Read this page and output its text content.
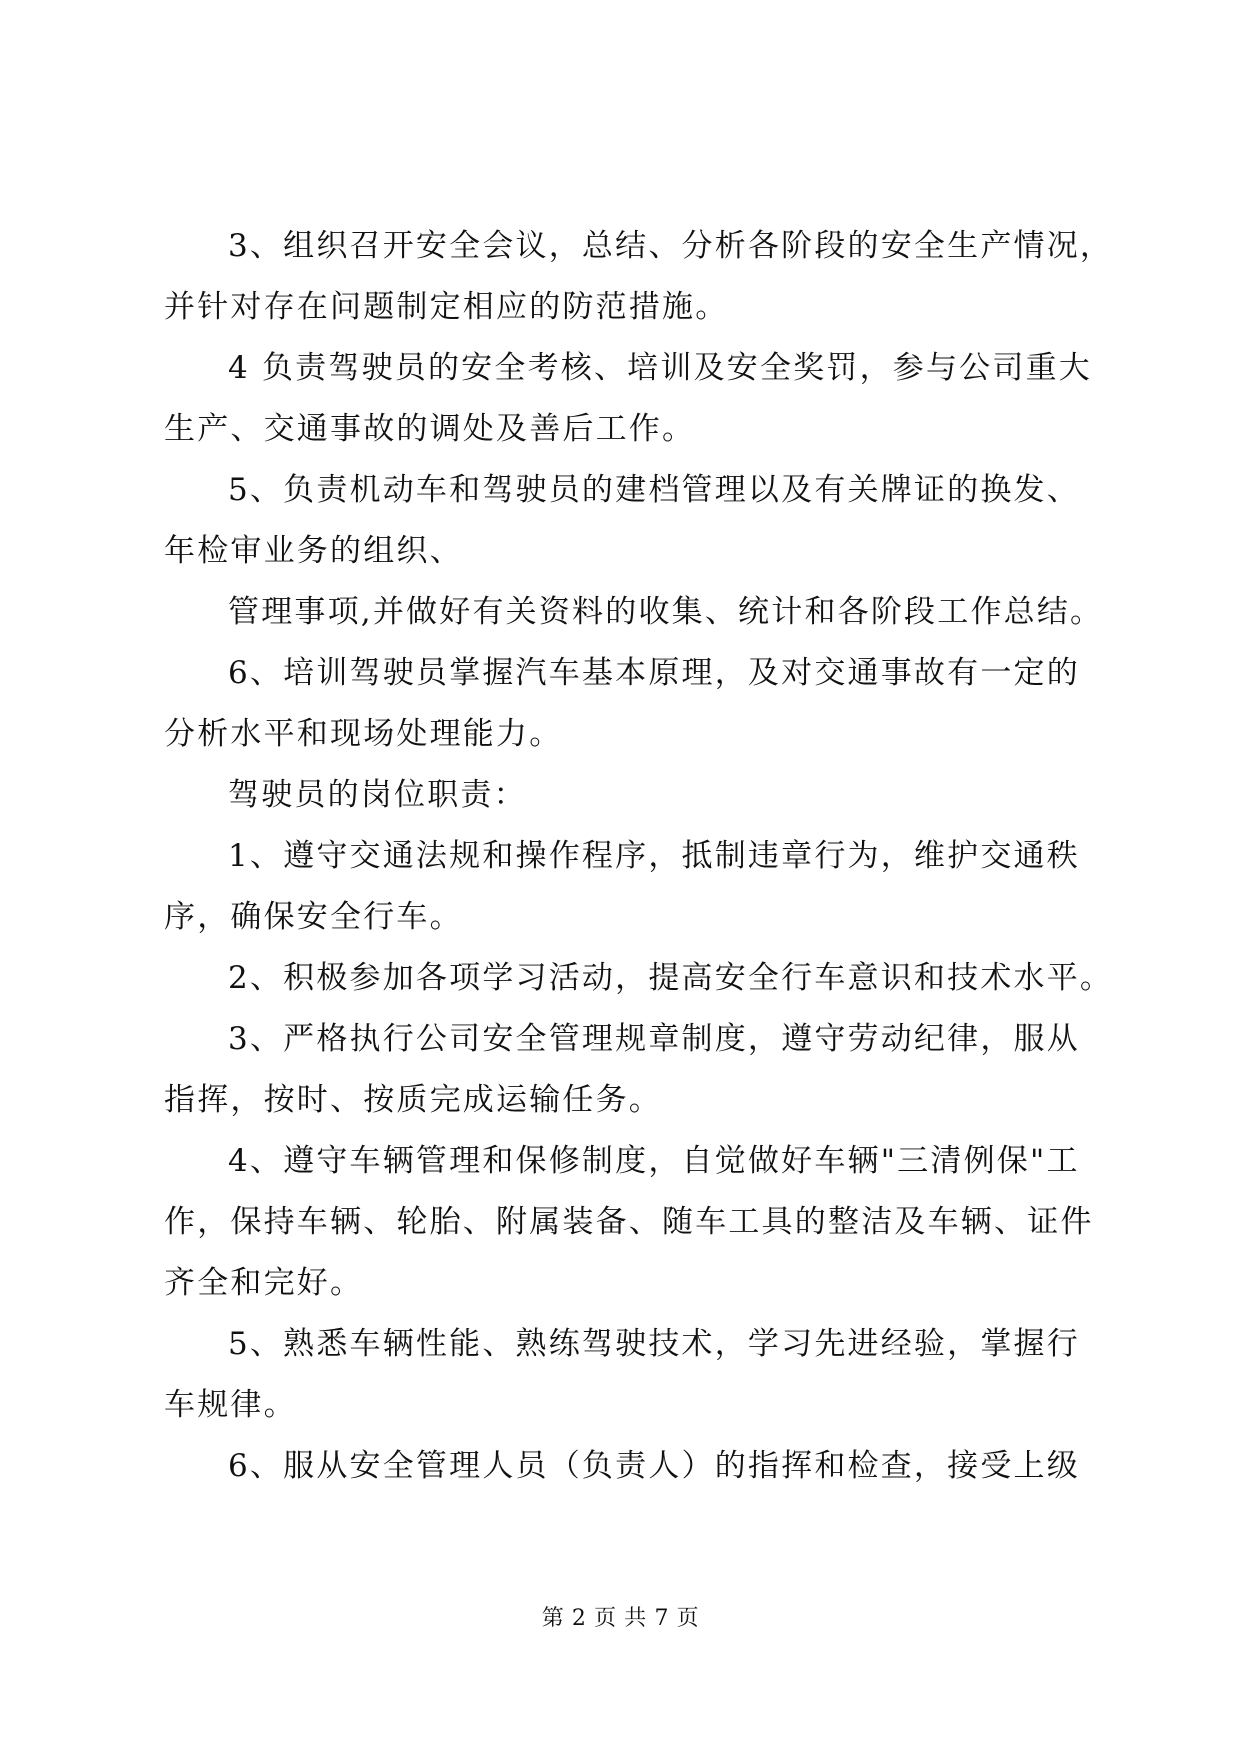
3、组织召开安全会议，总结、分析各阶段的安全生产情况，
并针对存在问题制定相应的防范措施。
4 负责驾驶员的安全考核、培训及安全奖罚，参与公司重大
生产、交通事故的调处及善后工作。
5、负责机动车和驾驶员的建档管理以及有关牌证的换发、
年检审业务的组织、
管理事项,并做好有关资料的收集、统计和各阶段工作总结。
6、培训驾驶员掌握汽车基本原理，及对交通事故有一定的
分析水平和现场处理能力。
驾驶员的岗位职责：
1、遵守交通法规和操作程序，抵制违章行为，维护交通秩
序，确保安全行车。
2、积极参加各项学习活动，提高安全行车意识和技术水平。
3、严格执行公司安全管理规章制度，遵守劳动纪律，服从
指挥，按时、按质完成运输任务。
4、遵守车辆管理和保修制度，自觉做好车辆"三清例保"工
作，保持车辆、轮胎、附属装备、随车工具的整洁及车辆、证件
齐全和完好。
5、熟悉车辆性能、熟练驾驶技术，学习先进经验，掌握行
车规律。
6、服从安全管理人员（负责人）的指挥和检查，接受上级
第 2 页 共 7 页
